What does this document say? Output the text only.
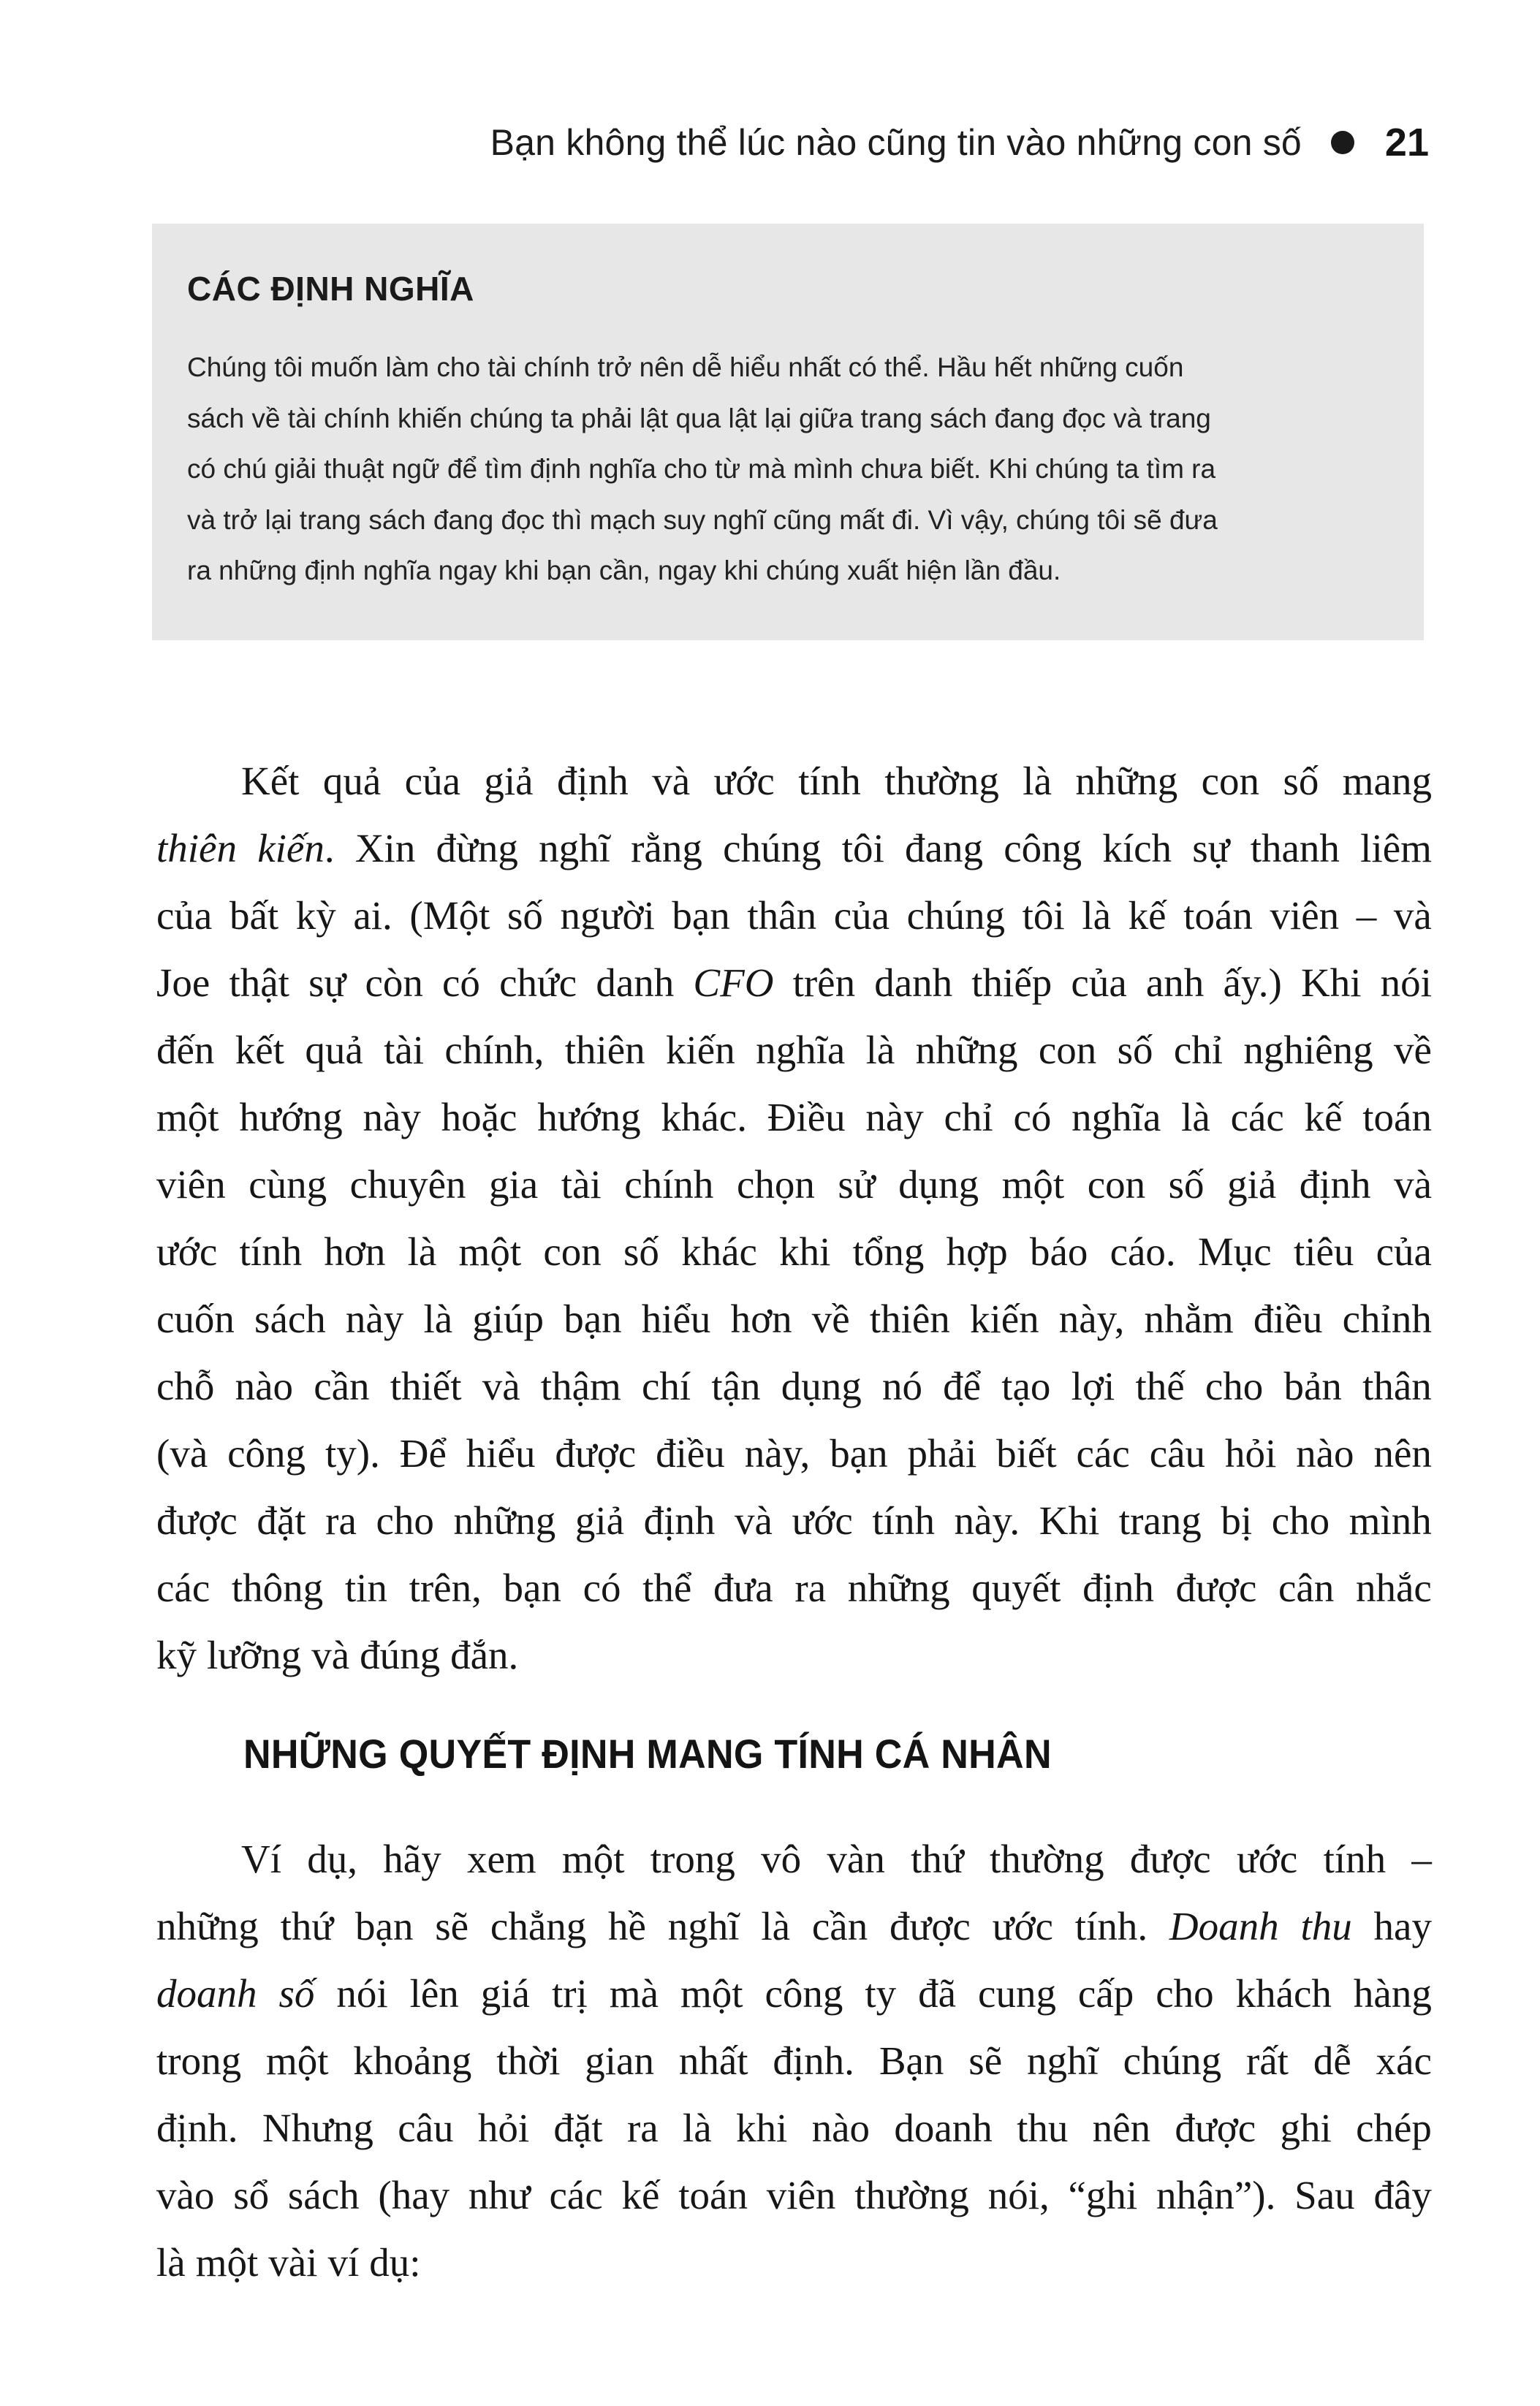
Bạn không thể lúc nào cũng tin vào những con số 21
CÁC ĐỊNH NGHĨA
Chúng tôi muốn làm cho tài chính trở nên dễ hiểu nhất có thể. Hầu hết những cuốn
sách về tài chính khiến chúng ta phải lật qua lật lại giữa trang sách đang đọc và trang
có chú giải thuật ngữ để tìm định nghĩa cho từ mà mình chưa biết. Khi chúng ta tìm ra
và trở lại trang sách đang đọc thì mạch suy nghĩ cũng mất đi. Vì vậy, chúng tôi sẽ đưa
ra những định nghĩa ngay khi bạn cần, ngay khi chúng xuất hiện lần đầu.
Kết quả của giả định và ước tính thường là những con số mang
thiên kiến. Xin đừng nghĩ rằng chúng tôi đang công kích sự thanh liêm
của bất kỳ ai. (Một số người bạn thân của chúng tôi là kế toán viên – và
Joe thật sự còn có chức danh CFO trên danh thiếp của anh ấy.) Khi nói
đến kết quả tài chính, thiên kiến nghĩa là những con số chỉ nghiêng về
một hướng này hoặc hướng khác. Điều này chỉ có nghĩa là các kế toán
viên cùng chuyên gia tài chính chọn sử dụng một con số giả định và
ước tính hơn là một con số khác khi tổng hợp báo cáo. Mục tiêu của
cuốn sách này là giúp bạn hiểu hơn về thiên kiến này, nhằm điều chỉnh
chỗ nào cần thiết và thậm chí tận dụng nó để tạo lợi thế cho bản thân
(và công ty). Để hiểu được điều này, bạn phải biết các câu hỏi nào nên
được đặt ra cho những giả định và ước tính này. Khi trang bị cho mình
các thông tin trên, bạn có thể đưa ra những quyết định được cân nhắc
kỹ lưỡng và đúng đắn.
NHỮNG QUYẾT ĐỊNH MANG TÍNH CÁ NHÂN
Ví dụ, hãy xem một trong vô vàn thứ thường được ước tính –
những thứ bạn sẽ chẳng hề nghĩ là cần được ước tính. Doanh thu hay
doanh số nói lên giá trị mà một công ty đã cung cấp cho khách hàng
trong một khoảng thời gian nhất định. Bạn sẽ nghĩ chúng rất dễ xác
định. Nhưng câu hỏi đặt ra là khi nào doanh thu nên được ghi chép
vào sổ sách (hay như các kế toán viên thường nói, “ghi nhận”). Sau đây
là một vài ví dụ:
